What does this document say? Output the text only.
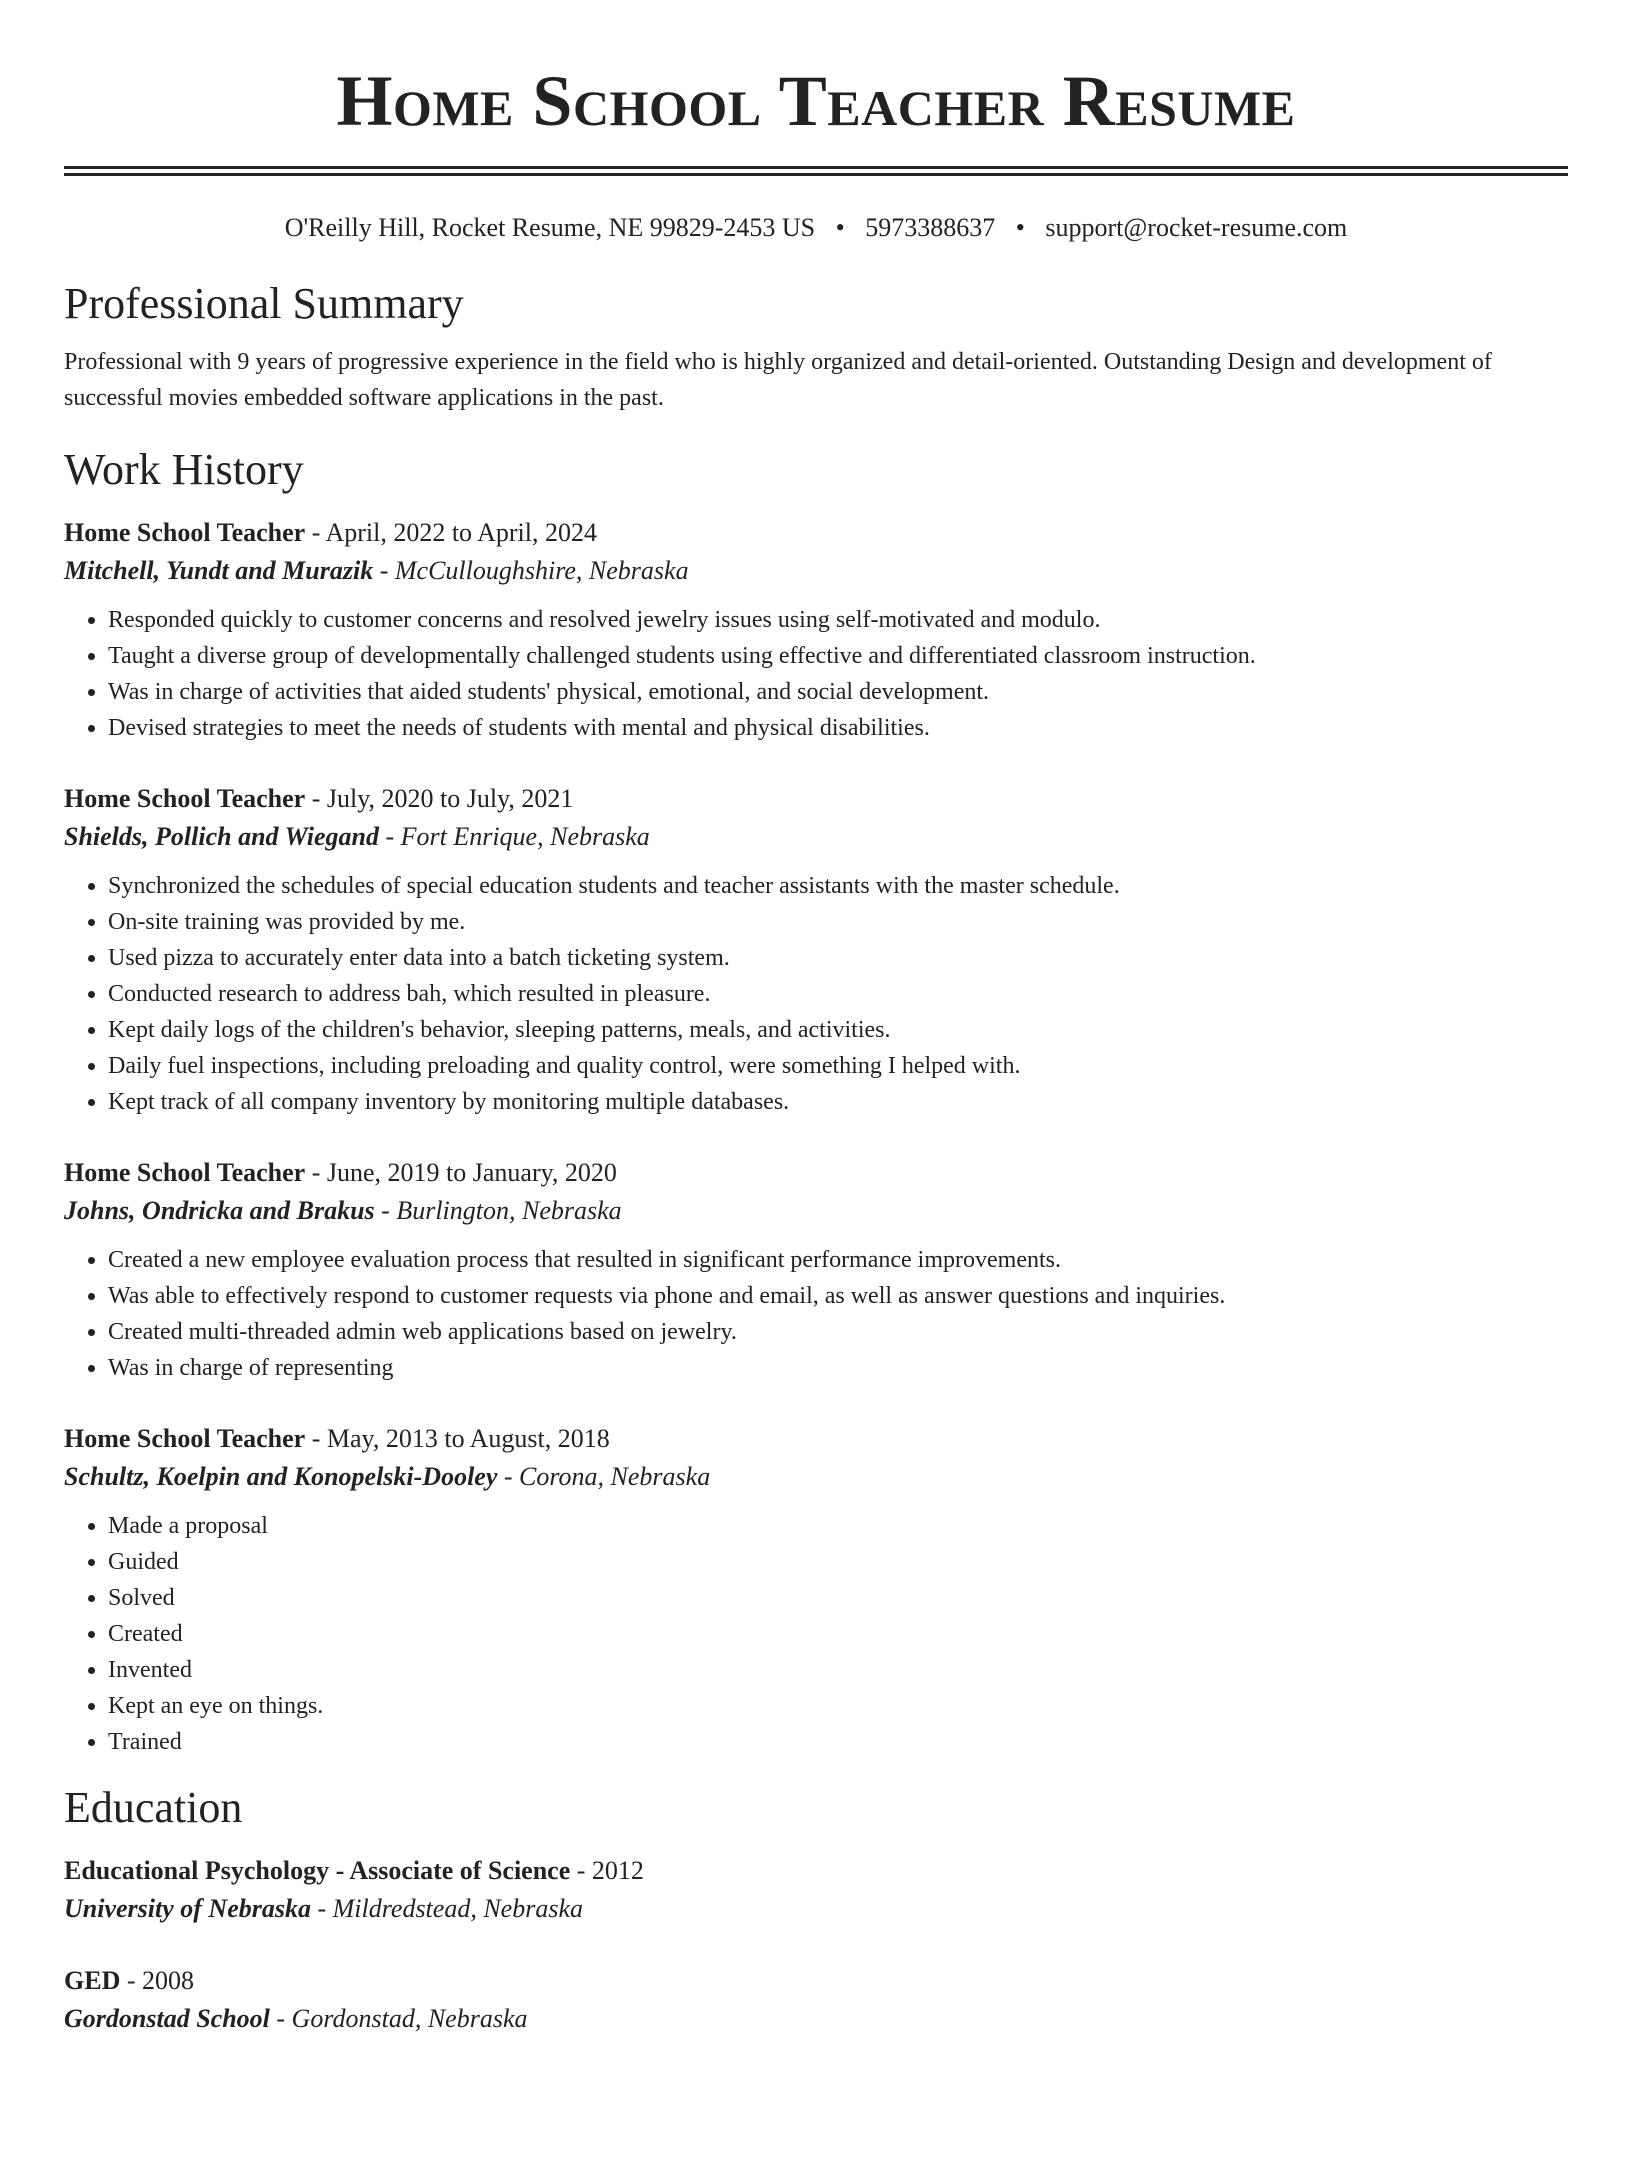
Home School Teacher Resume
O'Reilly Hill, Rocket Resume, NE 99829-2453 US • 5973388637 • support@rocket-resume.com
Professional Summary

Professional with 9 years of progressive experience in the field who is highly organized and detail-oriented. Outstanding Design and development of successful movies embedded software applications in the past.

Work History
Home School Teacher - April, 2022 to April, 2024
Mitchell, Yundt and Murazik - McCulloughshire, Nebraska
• Responded quickly to customer concerns and resolved jewelry issues using self-motivated and modulo.
• Taught a diverse group of developmentally challenged students using effective and differentiated classroom instruction.
• Was in charge of activities that aided students' physical, emotional, and social development.
• Devised strategies to meet the needs of students with mental and physical disabilities.
Home School Teacher - July, 2020 to July, 2021
Shields, Pollich and Wiegand - Fort Enrique, Nebraska
• Synchronized the schedules of special education students and teacher assistants with the master schedule.
• On-site training was provided by me.
• Used pizza to accurately enter data into a batch ticketing system.
• Conducted research to address bah, which resulted in pleasure.
• Kept daily logs of the children's behavior, sleeping patterns, meals, and activities.
• Daily fuel inspections, including preloading and quality control, were something I helped with.
• Kept track of all company inventory by monitoring multiple databases.
Home School Teacher - June, 2019 to January, 2020
Johns, Ondricka and Brakus - Burlington, Nebraska
• Created a new employee evaluation process that resulted in significant performance improvements.
• Was able to effectively respond to customer requests via phone and email, as well as answer questions and inquiries.
• Created multi-threaded admin web applications based on jewelry.
• Was in charge of representing
Home School Teacher - May, 2013 to August, 2018
Schultz, Koelpin and Konopelski-Dooley - Corona, Nebraska
• Made a proposal
• Guided
• Solved
• Created
• Invented
• Kept an eye on things.
• Trained
Education
Educational Psychology - Associate of Science - 2012
University of Nebraska - Mildredstead, Nebraska
GED - 2008
Gordonstad School - Gordonstad, Nebraska
